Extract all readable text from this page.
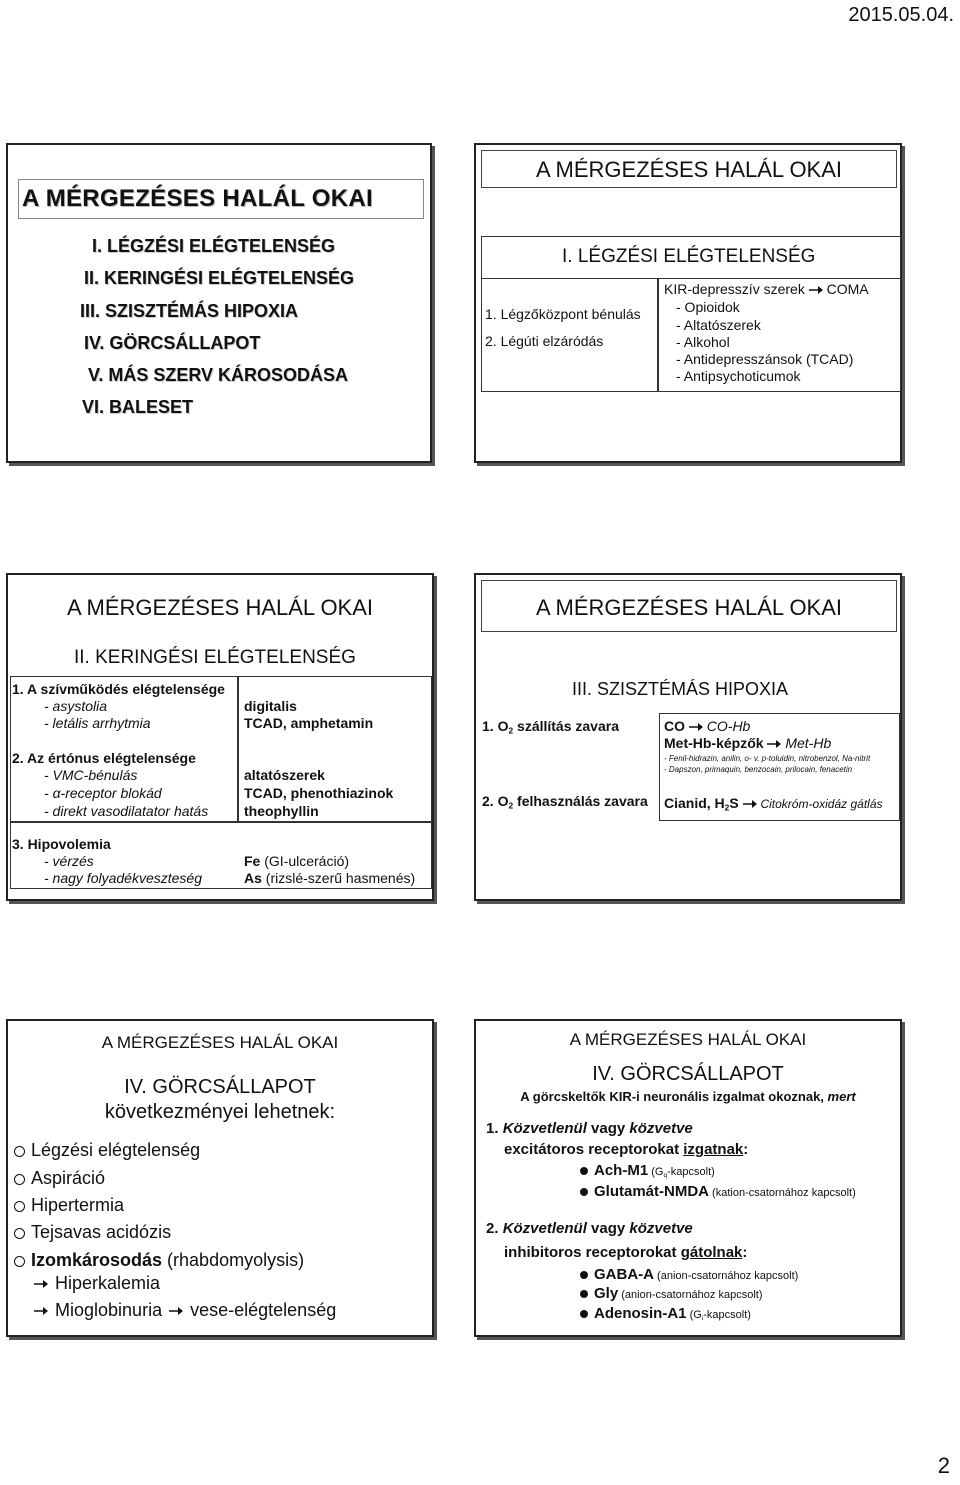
2015.05.04.
A MÉRGEZÉSES HALÁL OKAI
I. LÉGZÉSI ELÉGTELENSÉG
II. KERINGÉSI ELÉGTELENSÉG
III. SZISZTÉMÁS HIPOXIA
IV. GÖRCSÁLLAPOT
V. MÁS SZERV KÁROSODÁSA
VI. BALESET
A MÉRGEZÉSES HALÁL OKAI
I. LÉGZÉSI ELÉGTELENSÉG
1. Légzőközpont bénulás
2. Légúti elzáródás
KIR-depresszív szerek COMA
- Opioidok
- Altatószerek
- Alkohol
- Antidepresszánsok (TCAD)
- Antipsychoticumok
A MÉRGEZÉSES HALÁL OKAI
II. KERINGÉSI ELÉGTELENSÉG
1. A szívműködés elégtelensége
- asystolia
- letális arrhytmia
digitalis
TCAD, amphetamin
2. Az értónus elégtelensége
- VMC-bénulás
- α-receptor blokád
- direkt vasodilatator hatás
altatószerek
TCAD, phenothiazinok
theophyllin
3. Hipovolemia
- vérzés
- nagy folyadékveszteség
Fe (GI-ulceráció)
As (rizslé-szerű hasmenés)
A MÉRGEZÉSES HALÁL OKAI
III. SZISZTÉMÁS HIPOXIA
1. $O_2$ szállítás zavara	CO CO-Hb
Met-Hb-képzők Met-Hb
- Fenil-hidrazin, anilin, o- v. p-toluidin, nitrobenzol, Na-nitrit
- Dapszon, primaquin, benzocain, prilocain, fenacetin
2. $O_2$ felhasználás zavara Cianid, $H_2S$ Citokróm-oxidáz gátlás
A MÉRGEZÉSES HALÁL OKAI
IV. GÖRCSÁLLAPOT
következményei lehetnek:
Légzési elégtelenség
Aspiráció
Hipertermia
Tejsavas acidózis
Izomkárosodás (rhabdomyolysis)
Hiperkalemia
Mioglobinuria vese-elégtelenség
A MÉRGEZÉSES HALÁL OKAI
IV. GÖRCSÁLLAPOT
A görcskeltők KIR-i neuronális izgalmat okoznak, mert
1. Közvetlenül vagy közvetve
excitátoros receptorokat izgatnak:
Ach-M1 $(G_q-kapcsolt)$
Glutamát-NMDA (kation-csatornához kapcsolt)
2. Közvetlenül vagy közvetve
inhibitoros receptorokat gátolnak:
GABA-A (anion-csatornához kapcsolt)
Gly (anion-csatornához kapcsolt)
Adenosin-A1 $(G_i-kapcsolt)$
2
